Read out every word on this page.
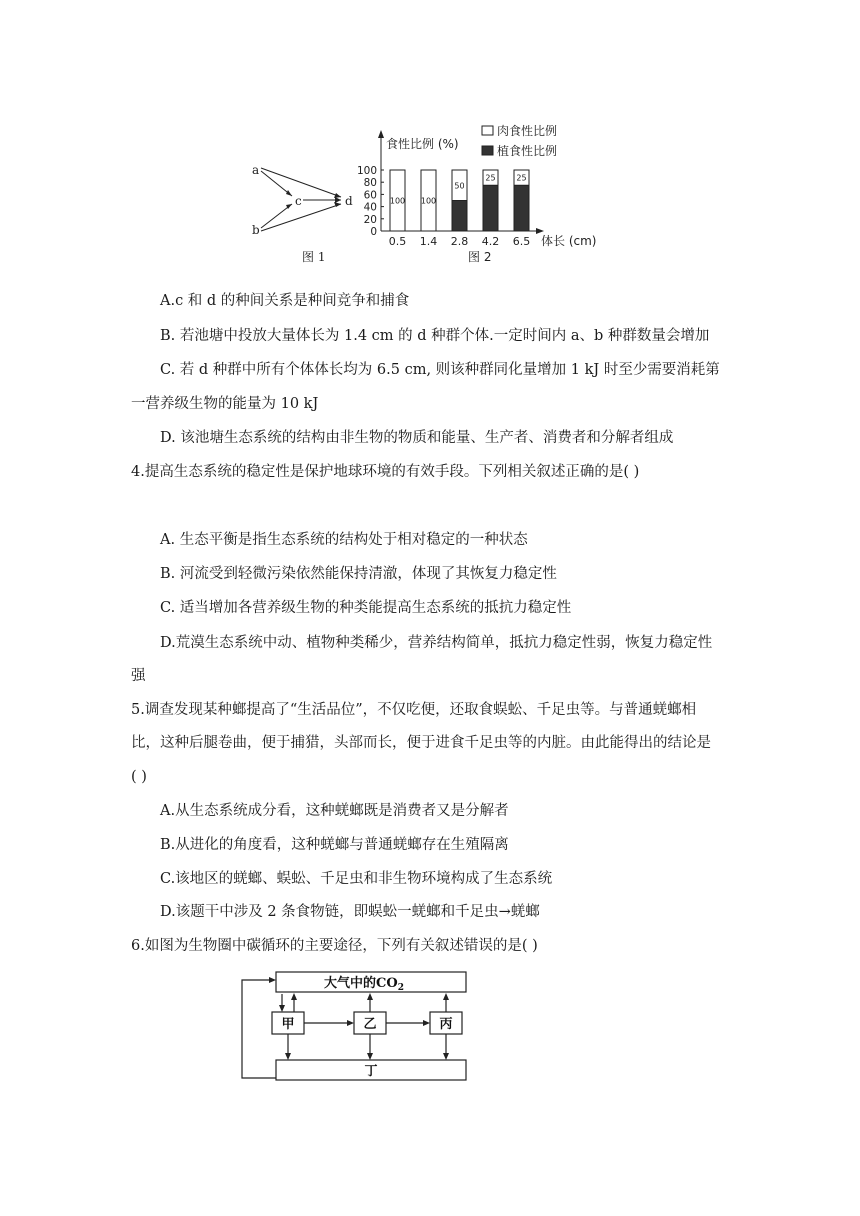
a
b
c	d
图 1
食性比例 (%)
肉食性比例
植食性比例
100
80
60
40
20
0
100 100
50
25	25
0.5 1.4 2.8 4.2 6.5 体长 (cm)
图 2
A.c 和 d 的种间关系是种间竞争和捕食
B. 若池塘中投放大量体长为 1.4 cm 的 d 种群个体.一定时间内 a、b 种群数量会增加
C. 若 d 种群中所有个体体长均为 6.5 cm, 则该种群同化量增加 1 kJ 时至少需要消耗第
一营养级生物的能量为 10 kJ
D. 该池塘生态系统的结构由非生物的物质和能量、生产者、消费者和分解者组成
4.提高生态系统的稳定性是保护地球环境的有效手段。下列相关叙述正确的是( )
A. 生态平衡是指生态系统的结构处于相对稳定的一种状态
B. 河流受到轻微污染依然能保持清澈，体现了其恢复力稳定性
C. 适当增加各营养级生物的种类能提高生态系统的抵抗力稳定性
D.荒漠生态系统中动、植物种类稀少，营养结构简单，抵抗力稳定性弱，恢复力稳定性
强
5.调查发现某种螂提高了“生活品位”，不仅吃便，还取食蜈蚣、千足虫等。与普通蜣螂相
比，这种后腿卷曲，便于捕猎，头部而长，便于进食千足虫等的内脏。由此能得出的结论是
( )
A.从生态系统成分看，这种蜣螂既是消费者又是分解者
B.从进化的角度看，这种蜣螂与普通蜣螂存在生殖隔离
C.该地区的蜣螂、蜈蚣、千足虫和非生物环境构成了生态系统
D.该题干中涉及 2 条食物链，即蜈蚣一蜣螂和千足虫→蜣螂
6.如图为生物圈中碳循环的主要途径，下列有关叙述错误的是( )
大气中的$CO_2$
甲	乙	丙
丁
